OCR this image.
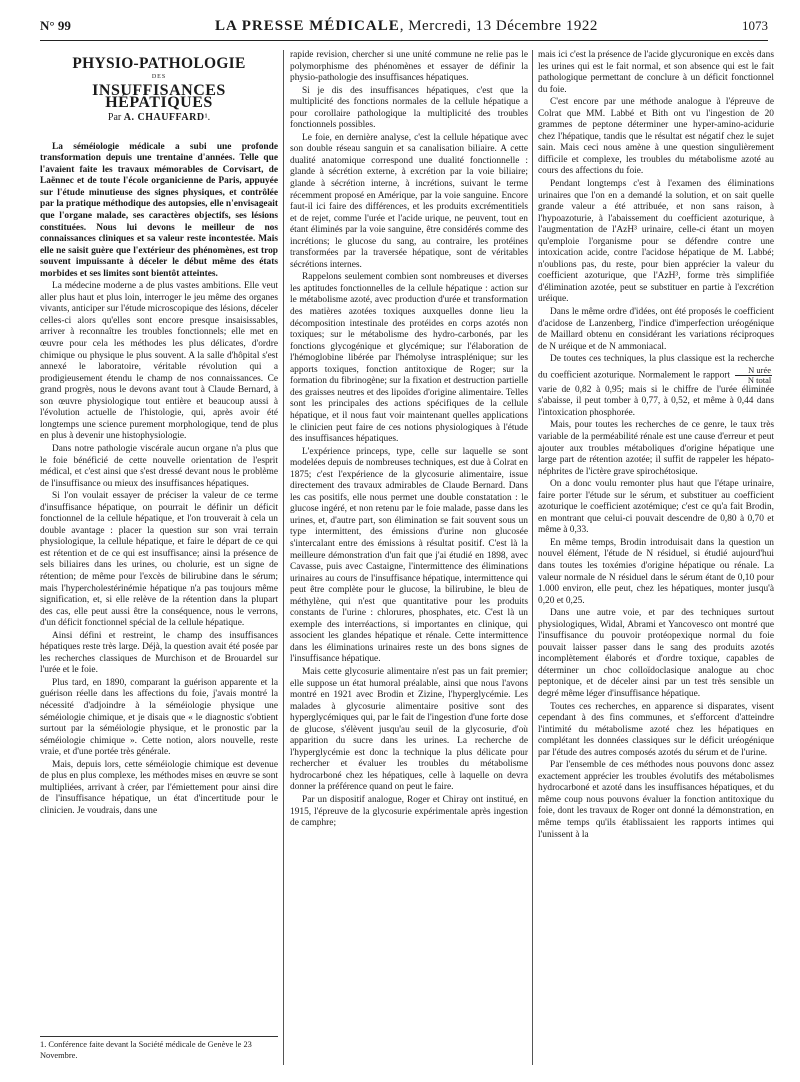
N° 99	LA PRESSE MÉDICALE, Mercredi, 13 Décembre 1922	1073
PHYSIO-PATHOLOGIE
DES
INSUFFISANCES HÉPATIQUES
Par A. CHAUFFARD¹.

La séméiologie médicale a subi une profonde transformation depuis une trentaine d'années. Telle que l'avaient faite les travaux mémorables de Corvisart, de Laënnec et de toute l'école organicienne de Paris, appuyée sur l'étude minutieuse des signes physiques, et contrôlée par la pratique méthodique des autopsies, elle n'envisageait que l'organe malade, ses caractères objectifs, ses lésions constituées. Nous lui devons le meilleur de nos connaissances cliniques et sa valeur reste incontestée. Mais elle ne saisit guère que l'extérieur des phénomènes, est trop souvent impuissante à déceler le début même des états morbides et ses limites sont bientôt atteintes.

La médecine moderne a de plus vastes ambitions. Elle veut aller plus haut et plus loin, interroger le jeu même des organes vivants, anticiper sur l'étude microscopique des lésions, déceler celles-ci alors qu'elles sont encore presque insaisissables, arriver à reconnaître les troubles fonctionnels; elle met en œuvre pour cela les méthodes les plus délicates, d'ordre chimique ou physique le plus souvent. A la salle d'hôpital s'est annexé le laboratoire, véritable révolution qui a prodigieusement étendu le champ de nos connaissances. Ce grand progrès, nous le devons avant tout à Claude Bernard, à son œuvre physiologique tout entière et beaucoup aussi à l'évolution actuelle de l'histologie, qui, après avoir été longtemps une science purement morphologique, tend de plus en plus à devenir une histophysiologie.

Dans notre pathologie viscérale aucun organe n'a plus que le foie bénéficié de cette nouvelle orientation de l'esprit médical, et c'est ainsi que s'est dressé devant nous le problème de l'insuffisance ou mieux des insuffisances hépatiques.

Si l'on voulait essayer de préciser la valeur de ce terme d'insuffisance hépatique, on pourrait le définir un déficit fonctionnel de la cellule hépatique, et l'on trouverait à cela un double avantage : placer la question sur son vrai terrain physiologique, la cellule hépatique, et faire le départ de ce qui est rétention et de ce qui est insuffisance; ainsi la présence de sels biliaires dans les urines, ou cholurie, est un signe de rétention; de même pour l'excès de bilirubine dans le sérum; mais l'hypercholestérinémie hépatique n'a pas toujours même signification, et, si elle relève de la rétention dans la plupart des cas, elle peut aussi être la conséquence, nous le verrons, d'un déficit fonctionnel spécial de la cellule hépatique.

Ainsi défini et restreint, le champ des insuffisances hépatiques reste très large. Déjà, la question avait été posée par les recherches classiques de Murchison et de Brouardel sur l'urée et le foie.

Plus tard, en 1890, comparant la guérison apparente et la guérison réelle dans les affections du foie, j'avais montré la nécessité d'adjoindre à la séméiologie physique une séméiologie chimique, et je disais que « le diagnostic s'obtient surtout par la séméiologie physique, et le pronostic par la séméiologie chimique ». Cette notion, alors nouvelle, reste vraie, et d'une portée très générale.

Mais, depuis lors, cette séméiologie chimique est devenue de plus en plus complexe, les méthodes mises en œuvre se sont multipliées, arrivant à créer, par l'émiettement pour ainsi dire de l'insuffisance hépatique, un état d'incertitude pour le clinicien. Je voudrais, dans une

1. Conférence faite devant la Société médicale de Genève le 23 Novembre.

rapide revision, chercher si une unité commune ne relie pas le polymorphisme des phénomènes et essayer de définir la physio-pathologie des insuffisances hépatiques.

Si je dis des insuffisances hépatiques, c'est que la multiplicité des fonctions normales de la cellule hépatique a pour corollaire pathologique la multiplicité des troubles fonctionnels possibles.

Le foie, en dernière analyse, c'est la cellule hépatique avec son double réseau sanguin et sa canalisation biliaire. A cette dualité anatomique correspond une dualité fonctionnelle : glande à sécrétion externe, à excrétion par la voie biliaire; glande à sécrétion interne, à incrétions, suivant le terme récemment proposé en Amérique, par la voie sanguine. Encore faut-il ici faire des différences, et les produits excrémentitiels et de rejet, comme l'urée et l'acide urique, ne peuvent, tout en étant éliminés par la voie sanguine, être considérés comme des incrétions; le glucose du sang, au contraire, les protéines transformées par la traversée hépatique, sont de véritables sécrétions internes.

Rappelons seulement combien sont nombreuses et diverses les aptitudes fonctionnelles de la cellule hépatique : action sur le métabolisme azoté, avec production d'urée et transformation des matières azotées toxiques auxquelles donne lieu la décomposition intestinale des protéides en corps azotés non toxiques; sur le métabolisme des hydro-carbonés, par les fonctions glycogénique et glycémique; sur l'élaboration de l'hémoglobine libérée par l'hémolyse intrasplénique; sur les apports toxiques, fonction antitoxique de Roger; sur la formation du fibrinogène; sur la fixation et destruction partielle des graisses neutres et des lipoïdes d'origine alimentaire. Telles sont les principales des actions spécifiques de la cellule hépatique, et il nous faut voir maintenant quelles applications le clinicien peut faire de ces notions physiologiques à l'étude des insuffisances hépatiques.

L'expérience princeps, type, celle sur laquelle se sont modelées depuis de nombreuses techniques, est due à Colrat en 1875; c'est l'expérience de la glycosurie alimentaire, issue directement des travaux admirables de Claude Bernard. Dans les cas positifs, elle nous permet une double constatation : le glucose ingéré, et non retenu par le foie malade, passe dans les urines, et, d'autre part, son élimination se fait souvent sous un type intermittent, des émissions d'urine non glucosée s'intercalant entre des émissions à résultat positif. C'est là la meilleure démonstration d'un fait que j'ai étudié en 1898, avec Cavasse, puis avec Castaigne, l'intermittence des éliminations urinaires au cours de l'insuffisance hépatique, intermittence qui peut être complète pour le glucose, la bilirubine, le bleu de méthylène, qui n'est que quantitative pour les produits constants de l'urine : chlorures, phosphates, etc. C'est là un exemple des interréactions, si importantes en clinique, qui associent les glandes hépatique et rénale. Cette intermittence dans les éliminations urinaires reste un des bons signes de l'insuffisance hépatique.

Mais cette glycosurie alimentaire n'est pas un fait premier; elle suppose un état humoral préalable, ainsi que nous l'avons montré en 1921 avec Brodin et Zizine, l'hyperglycémie. Les malades à glycosurie alimentaire positive sont des hyperglycémiques qui, par le fait de l'ingestion d'une forte dose de glucose, s'élèvent jusqu'au seuil de la glycosurie, d'où apparition du sucre dans les urines. La recherche de l'hyperglycémie est donc la technique la plus délicate pour rechercher et évaluer les troubles du métabolisme hydrocarboné chez les hépatiques, celle à laquelle on devra donner la préférence quand on peut le faire.

Par un dispositif analogue, Roger et Chiray ont institué, en 1915, l'épreuve de la glycosurie expérimentale après ingestion de camphre;

mais ici c'est la présence de l'acide glycuronique en excès dans les urines qui est le fait normal, et son absence qui est le fait pathologique permettant de conclure à un déficit fonctionnel du foie.

C'est encore par une méthode analogue à l'épreuve de Colrat que MM. Labbé et Bith ont vu l'ingestion de 20 grammes de peptone déterminer une hyper-amino-acidurie chez l'hépatique, tandis que le résultat est négatif chez le sujet sain. Mais ceci nous amène à une question singulièrement difficile et complexe, les troubles du métabolisme azoté au cours des affections du foie.

Pendant longtemps c'est à l'examen des éliminations urinaires que l'on en a demandé la solution, et on sait quelle grande valeur a été attribuée, et non sans raison, à l'hypoazoturie, à l'abaissement du coefficient azoturique, à l'augmentation de l'AzH³ urinaire, celle-ci étant un moyen qu'emploie l'organisme pour se défendre contre une intoxication acide, contre l'acidose hépatique de M. Labbé; n'oublions pas, du reste, pour bien apprécier la valeur du coefficient azoturique, que l'AzH³, forme très simplifiée d'élimination azotée, peut se substituer en partie à l'excrétion uréique.

Dans le même ordre d'idées, ont été proposés le coefficient d'acidose de Lanzenberg, l'indice d'imperfection uréogénique de Maillard obtenu en considérant les variations réciproques de N uréique et de N ammoniacal.

De toutes ces techniques, la plus classique est la recherche du coefficient azoturique. Normalement le rapport
N urée
N total
varie de 0,82 à 0,95; mais si le chiffre de l'urée éliminée s'abaisse, il peut tomber à 0,77, à 0,52, et même à 0,44 dans l'intoxication phosphorée.

Mais, pour toutes les recherches de ce genre, le taux très variable de la perméabilité rénale est une cause d'erreur et peut ajouter aux troubles métaboliques d'origine hépatique une large part de rétention azotée; il suffit de rappeler les hépato-néphrites de l'ictère grave spirochétosique.

On a donc voulu remonter plus haut que l'étape urinaire, faire porter l'étude sur le sérum, et substituer au coefficient azoturique le coefficient azotémique; c'est ce qu'a fait Brodin, en montrant que celui-ci pouvait descendre de 0,80 à 0,70 et même à 0,33.

En même temps, Brodin introduisait dans la question un nouvel élément, l'étude de N résiduel, si étudié aujourd'hui dans toutes les toxémies d'origine hépatique ou rénale. La valeur normale de N résiduel dans le sérum étant de 0,10 pour 1.000 environ, elle peut, chez les hépatiques, monter jusqu'à 0,20 et 0,25.

Dans une autre voie, et par des techniques surtout physiologiques, Widal, Abrami et Yancovesco ont montré que l'insuffisance du pouvoir protéopexique normal du foie pouvait laisser passer dans le sang des produits azotés incomplètement élaborés et d'ordre toxique, capables de déterminer un choc colloïdoclasique analogue au choc peptonique, et de déceler ainsi par un test très sensible un degré même léger d'insuffisance hépatique.

Toutes ces recherches, en apparence si disparates, visent cependant à des fins communes, et s'efforcent d'atteindre l'intimité du métabolisme azoté chez les hépatiques en complétant les données classiques sur le déficit uréogénique par l'étude des autres composés azotés du sérum et de l'urine.

Par l'ensemble de ces méthodes nous pouvons donc assez exactement apprécier les troubles évolutifs des métabolismes hydrocarboné et azoté dans les insuffisances hépatiques, et du même coup nous pouvons évaluer la fonction antitoxique du foie, dont les travaux de Roger ont donné la démonstration, en même temps qu'ils établissaient les rapports intimes qui l'unissent à la
